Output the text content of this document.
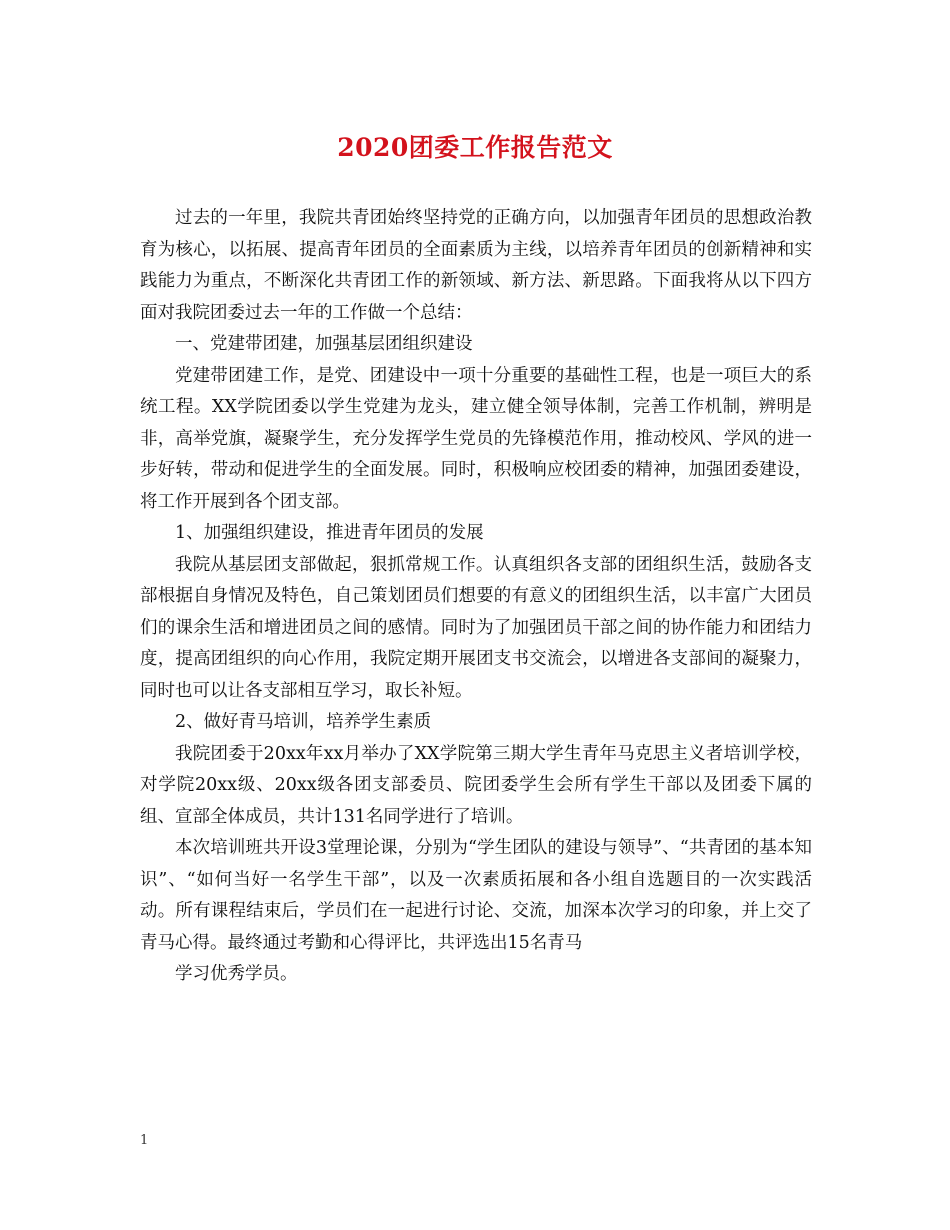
2020团委工作报告范文

过去的一年里，我院共青团始终坚持党的正确方向，以加强青年团员的思想政治教育为核心，以拓展、提高青年团员的全面素质为主线，以培养青年团员的创新精神和实践能力为重点，不断深化共青团工作的新领域、新方法、新思路。下面我将从以下四方面对我院团委过去一年的工作做一个总结：

一、党建带团建，加强基层团组织建设

党建带团建工作，是党、团建设中一项十分重要的基础性工程，也是一项巨大的系统工程。XX学院团委以学生党建为龙头，建立健全领导体制，完善工作机制，辨明是非，高举党旗，凝聚学生，充分发挥学生党员的先锋模范作用，推动校风、学风的进一步好转，带动和促进学生的全面发展。同时，积极响应校团委的精神，加强团委建设，将工作开展到各个团支部。

1、加强组织建设，推进青年团员的发展

我院从基层团支部做起，狠抓常规工作。认真组织各支部的团组织生活，鼓励各支部根据自身情况及特色，自己策划团员们想要的有意义的团组织生活，以丰富广大团员们的课余生活和增进团员之间的感情。同时为了加强团员干部之间的协作能力和团结力度，提高团组织的向心作用，我院定期开展团支书交流会，以增进各支部间的凝聚力，同时也可以让各支部相互学习，取长补短。

2、做好青马培训，培养学生素质

我院团委于20xx年xx月举办了XX学院第三期大学生青年马克思主义者培训学校，对学院20xx级、20xx级各团支部委员、院团委学生会所有学生干部以及团委下属的组、宣部全体成员，共计131名同学进行了培训。

本次培训班共开设3堂理论课，分别为“学生团队的建设与领导”、“共青团的基本知识”、“如何当好一名学生干部”，以及一次素质拓展和各小组自选题目的一次实践活动。所有课程结束后，学员们在一起进行讨论、交流，加深本次学习的印象，并上交了青马心得。最终通过考勤和心得评比，共评选出15名青马

学习优秀学员。

1
